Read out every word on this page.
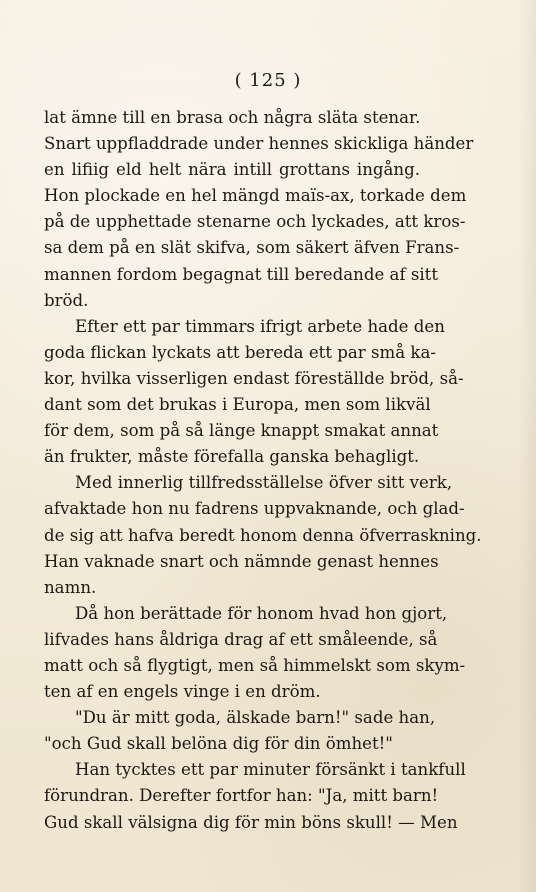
( 125 )
lat ämne till en brasa och några släta stenar.
Snart uppfladdrade under hennes skickliga händer
en lifiig eld helt nära intill grottans ingång.
Hon plockade en hel mängd maïs-ax, torkade dem
på de upphettade stenarne och lyckades, att kros-
sa dem på en slät skifva, som säkert äfven Frans-
mannen fordom begagnat till beredande af sitt
bröd.
Efter ett par timmars ifrigt arbete hade den
goda flickan lyckats att bereda ett par små ka-
kor, hvilka visserligen endast föreställde bröd, så-
dant som det brukas i Europa, men som likväl
för dem, som på så länge knappt smakat annat
än frukter, måste förefalla ganska behagligt.
Med innerlig tillfredsställelse öfver sitt verk,
afvaktade hon nu fadrens uppvaknande, och glad-
de sig att hafva beredt honom denna öfverraskning.
Han vaknade snart och nämnde genast hennes
namn.
Då hon berättade för honom hvad hon gjort,
lifvades hans åldriga drag af ett småleende, så
matt och så flygtigt, men så himmelskt som skym-
ten af en engels vinge i en dröm.
"Du är mitt goda, älskade barn!" sade han,
"och Gud skall belöna dig för din ömhet!"
Han tycktes ett par minuter försänkt i tankfull
förundran. Derefter fortfor han: "Ja, mitt barn!
Gud skall välsigna dig för min böns skull! — Men
